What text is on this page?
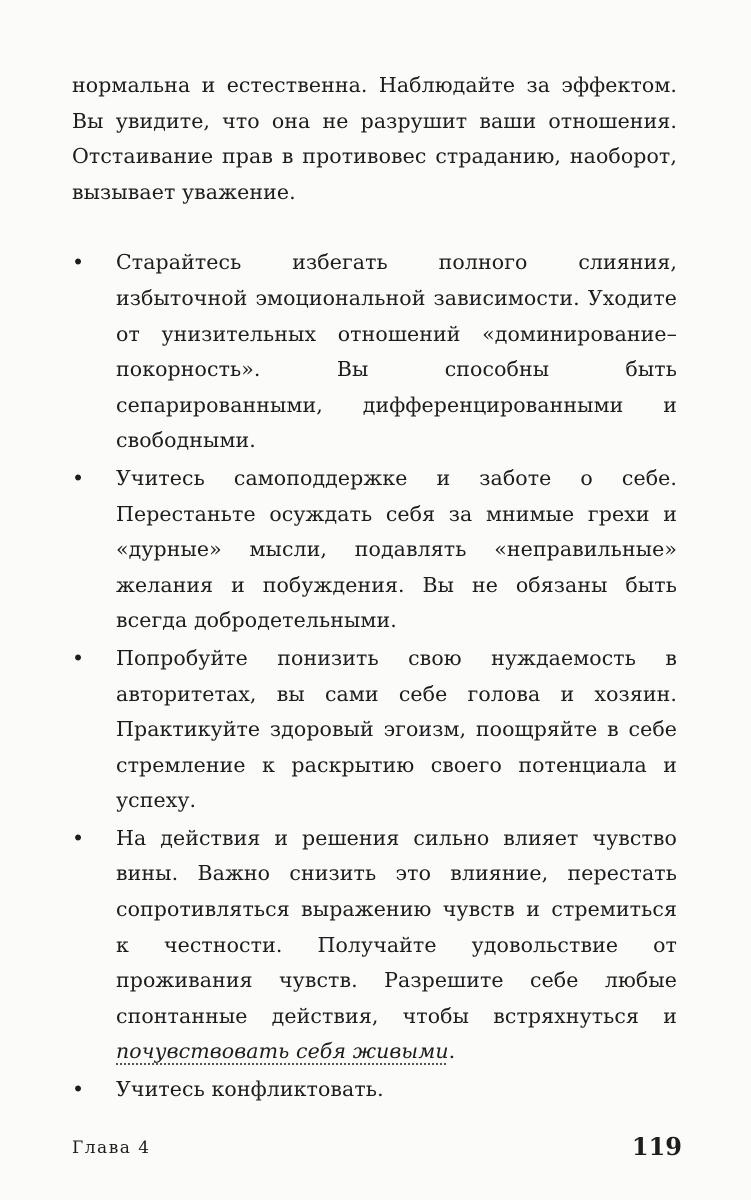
нормальна и естественна. Наблюдайте за эффектом. Вы увидите, что она не разрушит ваши отношения. Отстаивание прав в противовес страданию, наоборот, вызывает уважение.

• Старайтесь избегать полного слияния, избыточной эмоциональной зависимости. Уходите от унизительных отношений «доминирование–покорность». Вы способны быть сепарированными, дифференцированными и свободными.
• Учитесь самоподдержке и заботе о себе. Перестаньте осуждать себя за мнимые грехи и «дурные» мысли, подавлять «неправильные» желания и побуждения. Вы не обязаны быть всегда добродетельными.
• Попробуйте понизить свою нуждаемость в авторитетах, вы сами себе голова и хозяин. Практикуйте здоровый эгоизм, поощряйте в себе стремление к раскрытию своего потенциала и успеху.
• На действия и решения сильно влияет чувство вины. Важно снизить это влияние, перестать сопротивляться выражению чувств и стремиться к честности. Получайте удовольствие от проживания чувств. Разрешите себе любые спонтанные действия, чтобы встряхнуться и почувствовать себя живыми.
• Учитесь конфликтовать.
Глава 4	119
